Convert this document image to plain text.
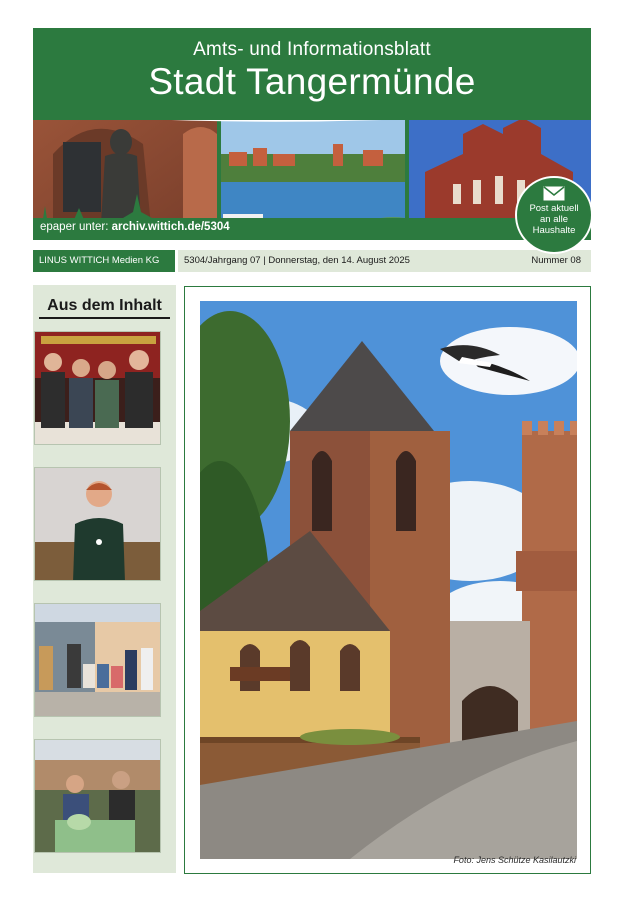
Amts- und Informationsblatt
Stadt Tangermünde
epaper unter: archiv.wittich.de/5304
Post aktuell
an alle
Haushalte
LINUS WITTICH Medien KG	5304/Jahrgang 07 | Donnerstag, den 14. August 2025	Nummer 08
Aus dem Inhalt
Foto: Jens Schütze Kasilautzki
